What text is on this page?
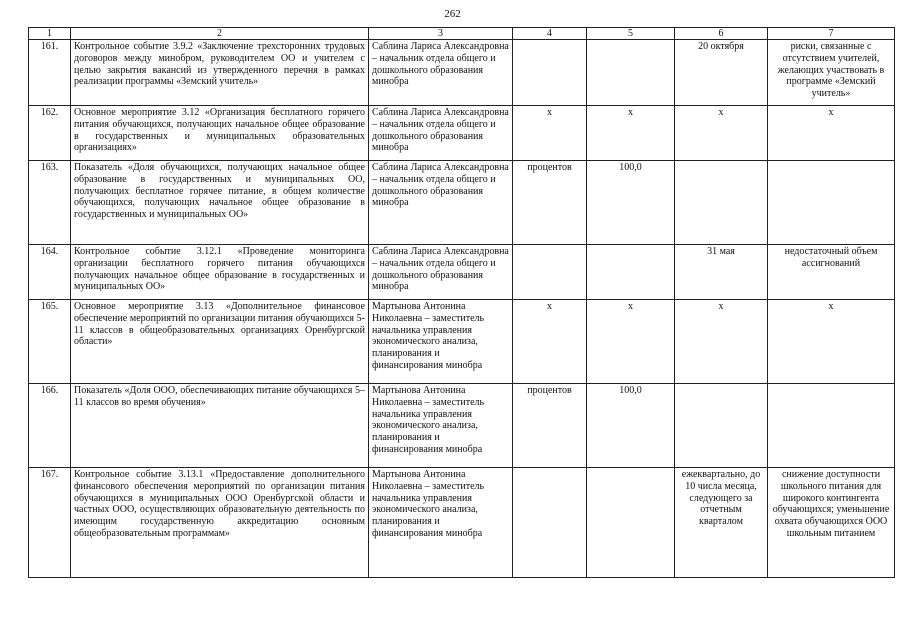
262
1	2	3	4	5	6	7
161.	Контрольное событие 3.9.2 «Заключение трехсторонних трудовых договоров между минобром, руководителем ОО и учителем с целью закрытия вакансий из утвержденного перечня в рамках реализации программы «Земский учитель»	Саблина Лариса Александровна – начальник отдела общего и дошкольного образования минобра			20 октября	риски, связанные с отсутствием учителей, желающих участвовать в программе «Земский учитель»
162.	Основное мероприятие 3.12 «Организация бесплатного горячего питания обучающихся, получающих начальное общее образование в государственных и муниципальных образовательных организациях»	Саблина Лариса Александровна – начальник отдела общего и дошкольного образования минобра	х	х	х	х
163.	Показатель «Доля обучающихся, получающих начальное общее образование в государственных и муниципальных ОО, получающих бесплатное горячее питание, в общем количестве обучающихся, получающих начальное общее образование в государственных и муниципальных ОО»	Саблина Лариса Александровна – начальник отдела общего и дошкольного образования минобра	процентов	100,0		
164.	Контрольное событие 3.12.1 «Проведение мониторинга организации бесплатного горячего питания обучающихся получающих начальное общее образование в государственных и муниципальных ОО»	Саблина Лариса Александровна – начальник отдела общего и дошкольного образования минобра			31 мая	недостаточный объем ассигнований
165.	Основное мероприятие 3.13 «Дополнительное финансовое обеспечение мероприятий по организации питания обучающихся 5-11 классов в общеобразовательных организациях Оренбургской области»	Мартынова Антонина Николаевна – заместитель начальника управления экономического анализа, планирования и финансирования минобра	х	х	х	х
166.	Показатель «Доля ООО, обеспечивающих питание обучающихся 5–11 классов во время обучения»	Мартынова Антонина Николаевна – заместитель начальника управления экономического анализа, планирования и финансирования минобра	процентов	100,0		
167.	Контрольное событие 3.13.1 «Предоставление дополнительного финансового обеспечения мероприятий по организации питания обучающихся в муниципальных ООО Оренбургской области и частных ООО, осуществляющих образовательную деятельность по имеющим государственную аккредитацию основным общеобразовательным программам»	Мартынова Антонина Николаевна – заместитель начальника управления экономического анализа, планирования и финансирования минобра			ежеквартально, до 10 числа месяца, следующего за отчетным кварталом	снижение доступности школьного питания для широкого контингента обучающихся; уменьшение охвата обучающихся ООО школьным питанием
